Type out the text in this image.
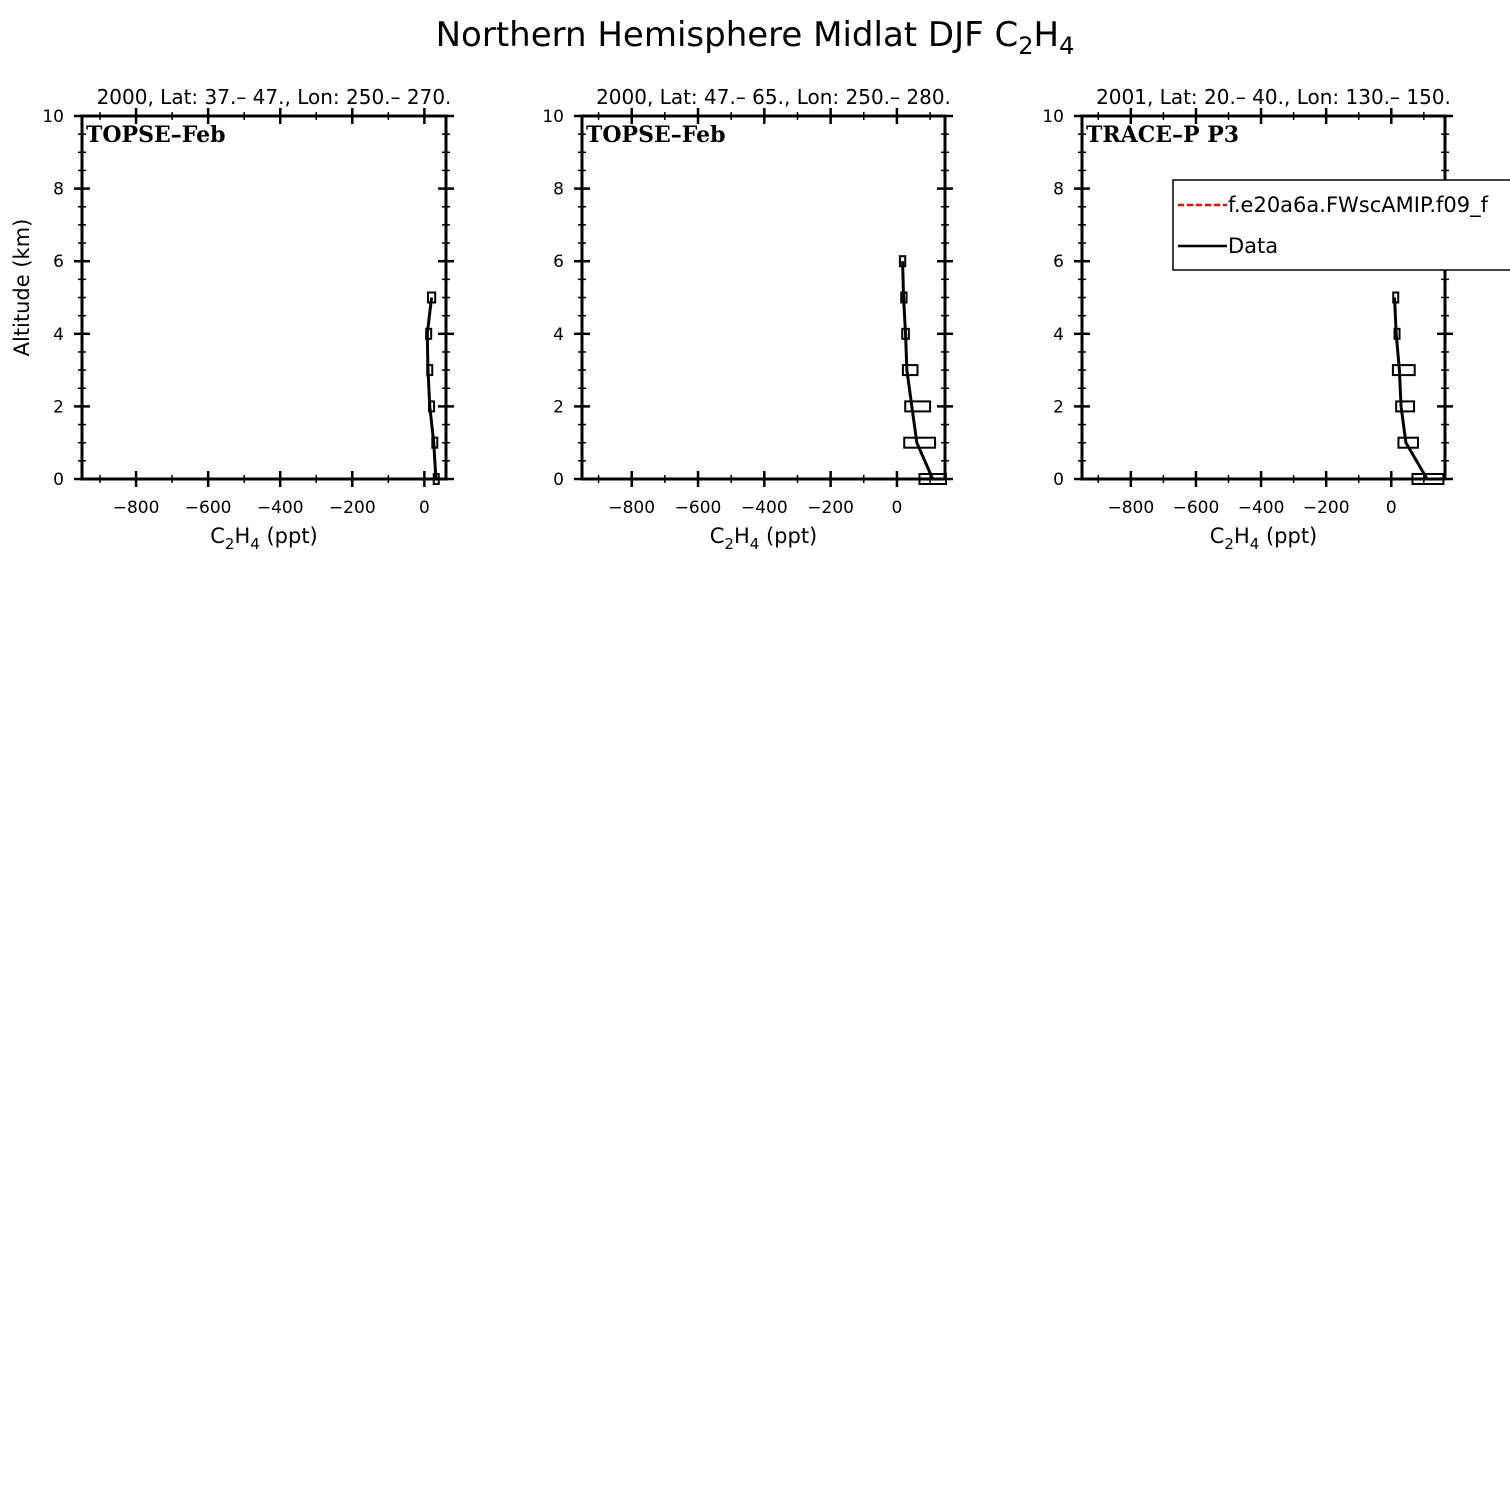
Northern Hemisphere Midlat DJF $C_2H_4$
0
2
4
6
8
10
−800 −600 −400 −200	0
2000, Lat: 37.– 47., Lon: 250.– 270.
TOPSE–Feb
$C_2H_4$ (ppt)
Altitude (km)
0
2
4
6
8
10
−800 −600 −400 −200 0
2000, Lat: 47.– 65., Lon: 250.– 280.
TOPSE–Feb
$C_2H_4$ (ppt)
0
2
4
6
8
10
−800 −600 −400 −200 0
2001, Lat: 20.– 40., Lon: 130.– 150.
TRACE–P P3
$C_2H_4$ (ppt)
f.e20a6a.FWscAMIP.f09_f
Data
